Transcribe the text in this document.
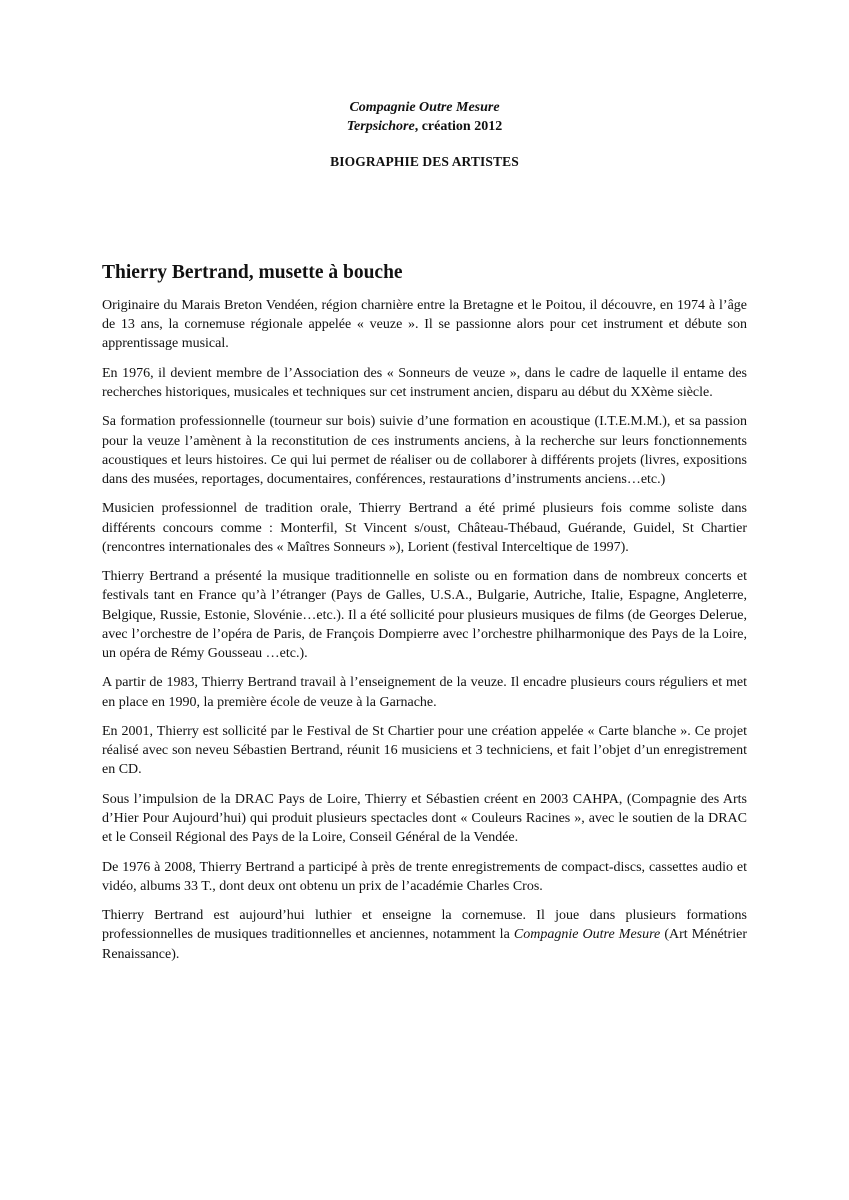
Compagnie Outre Mesure
Terpsichore, création 2012
BIOGRAPHIE DES ARTISTES
Thierry Bertrand, musette à bouche

Originaire du Marais Breton Vendéen, région charnière entre la Bretagne et le Poitou, il découvre, en 1974 à l’âge de 13 ans, la cornemuse régionale appelée « veuze ». Il se passionne alors pour cet instrument et débute son apprentissage musical.

En 1976, il devient membre de l’Association des « Sonneurs de veuze », dans le cadre de laquelle il entame des recherches historiques, musicales et techniques sur cet instrument ancien, disparu au début du XXème siècle.

Sa formation professionnelle (tourneur sur bois) suivie d’une formation en acoustique (I.T.E.M.M.), et sa passion pour la veuze l’amènent à la reconstitution de ces instruments anciens, à la recherche sur leurs fonctionnements acoustiques et leurs histoires. Ce qui lui permet de réaliser ou de collaborer à différents projets (livres, expositions dans des musées, reportages, documentaires, conférences, restaurations d’instruments anciens…etc.)

Musicien professionnel de tradition orale, Thierry Bertrand a été primé plusieurs fois comme soliste dans différents concours comme : Monterfil, St Vincent s/oust, Château-Thébaud, Guérande, Guidel, St Chartier (rencontres internationales des « Maîtres Sonneurs »), Lorient (festival Interceltique de 1997).

Thierry Bertrand a présenté la musique traditionnelle en soliste ou en formation dans de nombreux concerts et festivals tant en France qu’à l’étranger (Pays de Galles, U.S.A., Bulgarie, Autriche, Italie, Espagne, Angleterre, Belgique, Russie, Estonie, Slovénie…etc.). Il a été sollicité pour plusieurs musiques de films (de Georges Delerue, avec l’orchestre de l’opéra de Paris, de François Dompierre avec l’orchestre philharmonique des Pays de la Loire, un opéra de Rémy Gousseau …etc.).

A partir de 1983, Thierry Bertrand travail à l’enseignement de la veuze. Il encadre plusieurs cours réguliers et met en place en 1990, la première école de veuze à la Garnache.

En 2001, Thierry est sollicité par le Festival de St Chartier pour une création appelée « Carte blanche ». Ce projet réalisé avec son neveu Sébastien Bertrand, réunit 16 musiciens et 3 techniciens, et fait l’objet d’un enregistrement en CD.

Sous l’impulsion de la DRAC Pays de Loire, Thierry et Sébastien créent en 2003 CAHPA, (Compagnie des Arts d’Hier Pour Aujourd’hui) qui produit plusieurs spectacles dont « Couleurs Racines », avec le soutien de la DRAC et le Conseil Régional des Pays de la Loire, Conseil Général de la Vendée.

De 1976 à 2008, Thierry Bertrand a participé à près de trente enregistrements de compact-discs, cassettes audio et vidéo, albums 33 T., dont deux ont obtenu un prix de l’académie Charles Cros.

Thierry Bertrand est aujourd’hui luthier et enseigne la cornemuse. Il joue dans plusieurs formations professionnelles de musiques traditionnelles et anciennes, notamment la Compagnie Outre Mesure (Art Ménétrier Renaissance).
